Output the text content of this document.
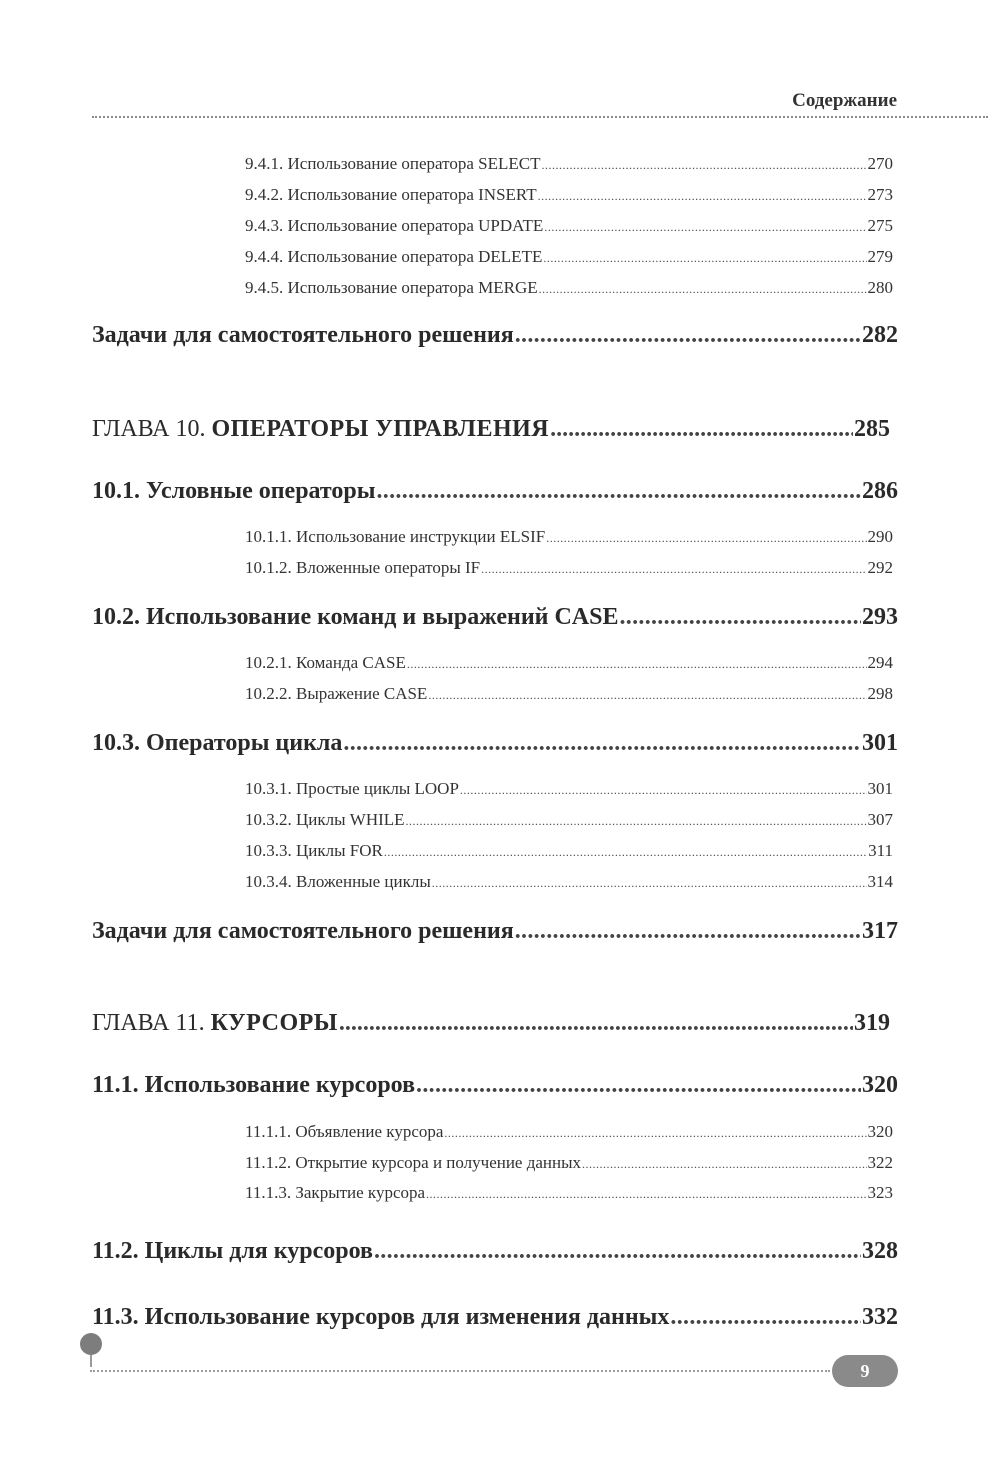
Содержание
9.4.1. Использование оператора SELECT .....	270
9.4.2. Использование оператора INSERT .....	273
9.4.3. Использование оператора UPDATE .....	275
9.4.4. Использование оператора DELETE .....	279
9.4.5. Использование оператора MERGE .....	280
Задачи для самостоятельного решения .....	282
ГЛАВА 10. ОПЕРАТОРЫ УПРАВЛЕНИЯ .....	285
10.1. Условные операторы .....	286
10.1.1. Использование инструкции ELSIF .....	290
10.1.2. Вложенные операторы IF .....	292
10.2. Использование команд и выражений CASE .....	293
10.2.1. Команда CASE .....	294
10.2.2. Выражение CASE .....	298
10.3. Операторы цикла .....	301
10.3.1. Простые циклы LOOP .....	301
10.3.2. Циклы WHILE .....	307
10.3.3. Циклы FOR .....	311
10.3.4. Вложенные циклы .....	314
Задачи для самостоятельного решения .....	317
ГЛАВА 11. КУРСОРЫ .....	319
11.1. Использование курсоров .....	320
11.1.1. Объявление курсора .....	320
11.1.2. Открытие курсора и получение данных .....	322
11.1.3. Закрытие курсора .....	323
11.2. Циклы для курсоров .....	328
11.3. Использование курсоров для изменения данных .....	332
9
